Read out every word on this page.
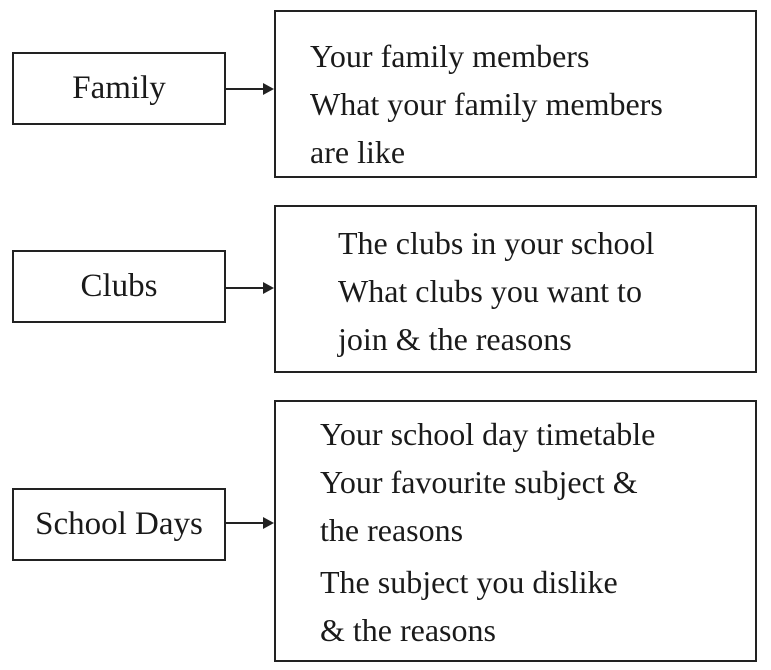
Family
Your family members
What your family members
are like
Clubs
The clubs in your school
What clubs you want to
join & the reasons
School Days
Your school day timetable
Your favourite subject &
the reasons
The subject you dislike
& the reasons
